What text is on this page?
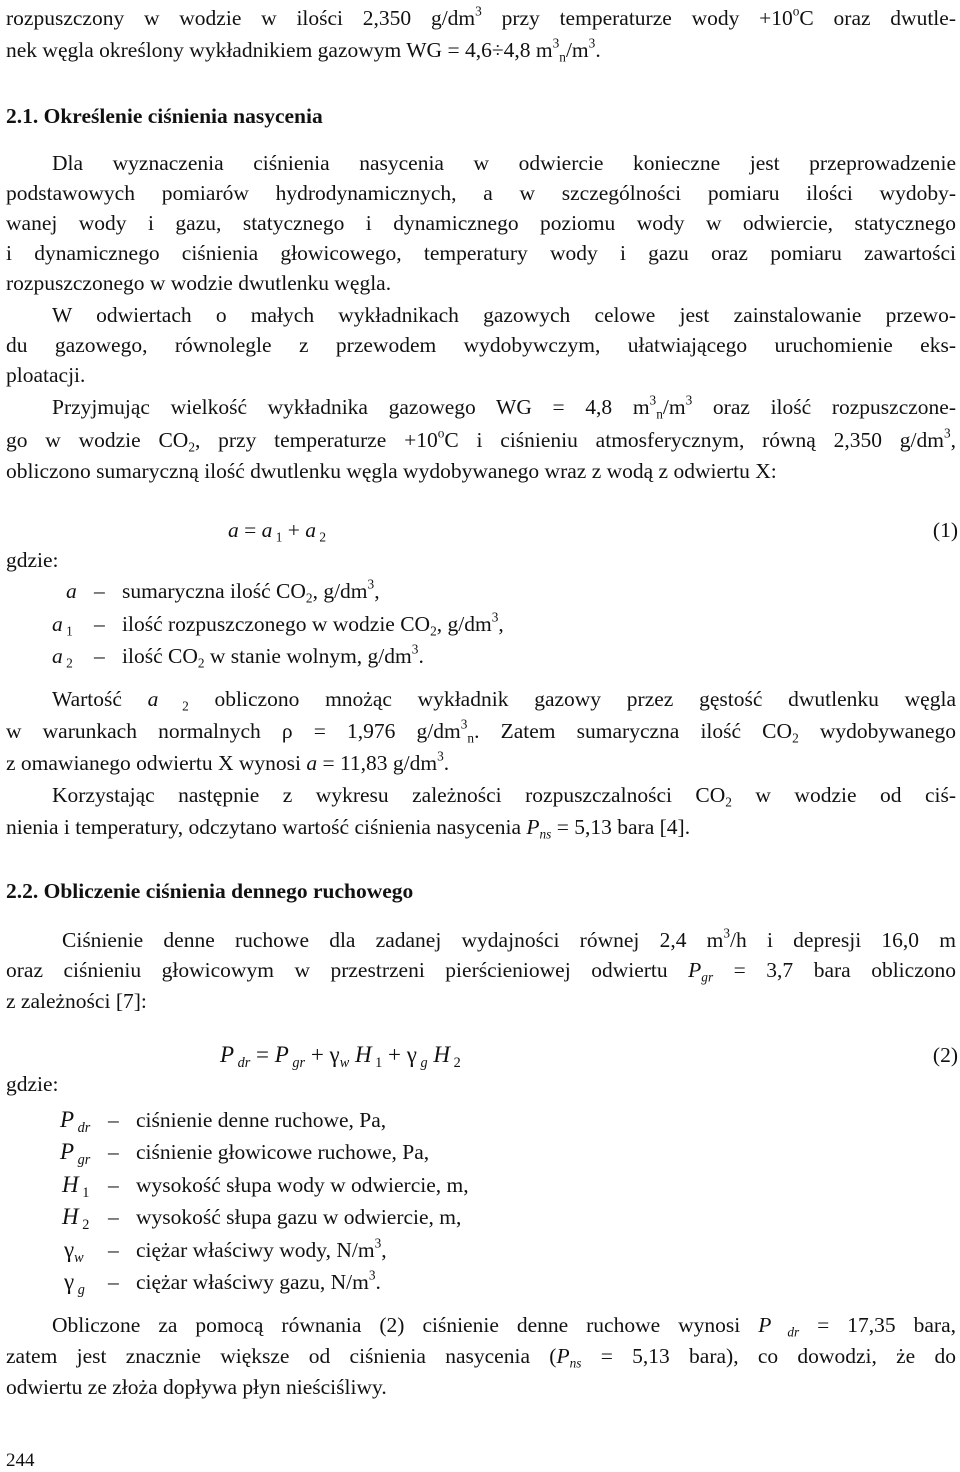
rozpuszczony w wodzie w ilości 2,350 $g/dm^3$ przy temperaturze wody $+10^oC$ oraz dwutle-
nek węgla określony wykładnikiem gazowym WG = 4,6÷4,8 $m^3_n/m^3$.
2.1. Określenie ciśnienia nasycenia
Dla wyznaczenia ciśnienia nasycenia w odwiercie konieczne jest przeprowadzenie
podstawowych pomiarów hydrodynamicznych, a w szczególności pomiaru ilości wydoby-
wanej wody i gazu, statycznego i dynamicznego poziomu wody w odwiercie, statycznego
i dynamicznego ciśnienia głowicowego, temperatury wody i gazu oraz pomiaru zawartości
rozpuszczonego w wodzie dwutlenku węgla.
W odwiertach o małych wykładnikach gazowych celowe jest zainstalowanie przewo-
du gazowego, równolegle z przewodem wydobywczym, ułatwiającego uruchomienie eks-
ploatacji.
Przyjmując wielkość wykładnika gazowego WG = 4,8 $m^3_n/m^3$ oraz ilość rozpuszczone-
go w wodzie $CO_2$, przy temperaturze $+10^oC$ i ciśnieniu atmosferycznym, równą 2,350 $g/dm^3$,
obliczono sumaryczną ilość dwutlenku węgla wydobywanego wraz z wodą z odwiertu X:
a = a $_1$ + a $_2$	(1)
gdzie:
a – sumaryczna ilość $CO_2$, $g/dm^3$,
a $_1$ – ilość rozpuszczonego w wodzie $CO_2$, $g/dm^3$,
a $_2$ – ilość $CO_2$ w stanie wolnym, $g/dm^3$.
Wartość a $_2$ obliczono mnożąc wykładnik gazowy przez gęstość dwutlenku węgla
w warunkach normalnych ρ = 1,976 $g/dm^3_n$. Zatem sumaryczna ilość $CO_2$ wydobywanego
z omawianego odwiertu X wynosi a = 11,83 $g/dm^3$.
Korzystając następnie z wykresu zależności rozpuszczalności $CO_2$ w wodzie od ciś-
nienia i temperatury, odczytano wartość ciśnienia nasycenia $P_{ns} = 5,13$ bara [4].
2.2. Obliczenie ciśnienia dennego ruchowego
Ciśnienie denne ruchowe dla zadanej wydajności równej 2,4 $m^3/h$ i depresji 16,0 m
oraz ciśnieniu głowicowym w przestrzeni pierścieniowej odwiertu $P_{gr} = 3,7$ bara obliczono
z zależności [7]:
P $_{dr}$ = P $_{gr} + \gamma_w$ H $_1$ + γ $_g$ H $_2$	(2)
gdzie:
P $_{dr}$ – ciśnienie denne ruchowe, Pa,
P $_{gr}$ – ciśnienie głowicowe ruchowe, Pa,
H $_1$ – wysokość słupa wody w odwiercie, m,
H $_2$ – wysokość słupa gazu w odwiercie, m,
$\gamma_w$ – ciężar właściwy wody, $N/m^3$,
γ $_g$ – ciężar właściwy gazu, $N/m^3$.
Obliczone za pomocą równania (2) ciśnienie denne ruchowe wynosi P $_{dr}$ = 17,35 bara,
zatem jest znacznie większe od ciśnienia nasycenia ($P_{ns} = 5,13$ bara), co dowodzi, że do
odwiertu ze złoża dopływa płyn nieściśliwy.
244
